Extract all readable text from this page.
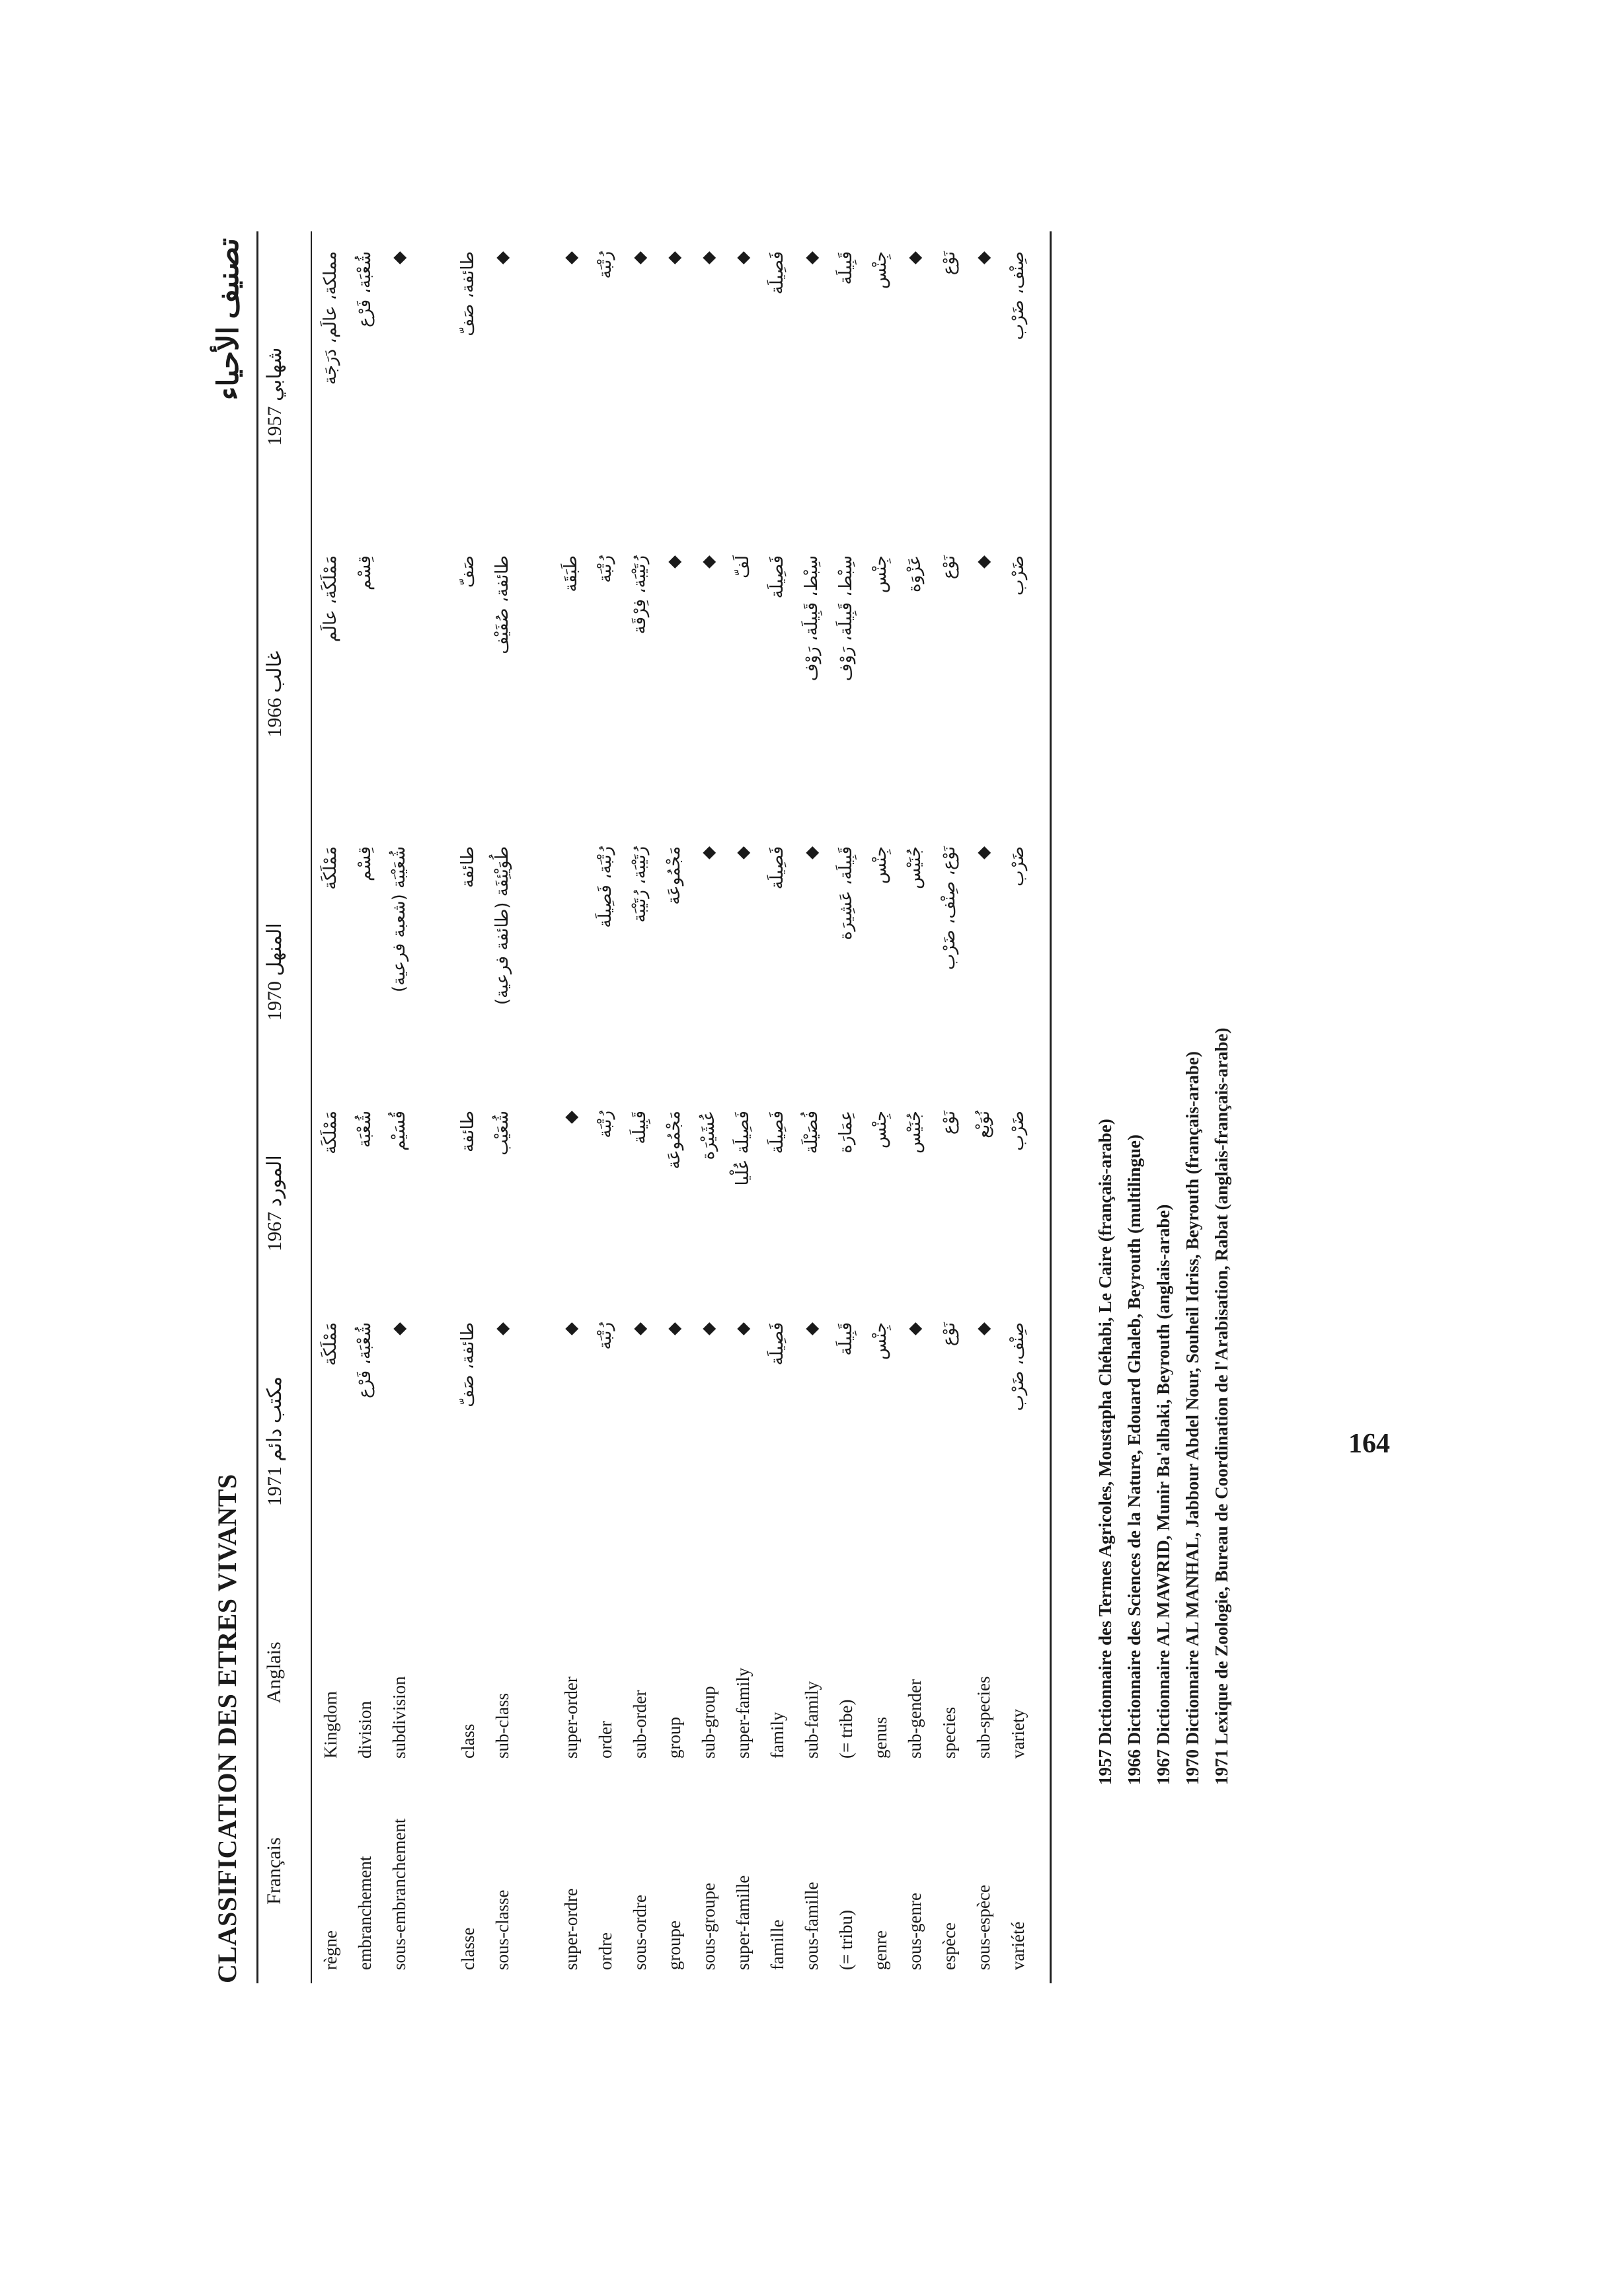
CLASSIFICATION DES ETRES VIVANTS
تصنيف الأحياء
Français
Anglais
1971 مكتب دائم
1967 المورد
1970 المنهل
1966 غالب
1957 شهابي
règne
Kingdom
مَمْلَكَة
مَمْلَكَة
مَمْلَكَة
مَمْلَكَة، عالَم
مملكة، عالَم، دَرَجَة
embranchement
division
شُعْبَة، فَرْع
شُعْبَة
قِسْم
قِسْم
شُعْبَة، فَرْع
sous-embranchement
subdivision
◆
قُسَيْم
شُعَيْبَة (شعبة فرعية)
◆
classe
class
طائفة، صَفّ
طائفة
طائفة
صَفّ
طائفة، صَفّ
sous-classe
sub-class
◆
شُعَيْب
طُوَيْئِفَة (طائفة فرعية)
طائفة، صُفَيْف
◆
super-ordre
super-order
◆
◆
طَبَقَة
◆
ordre
order
رُتْبَة
رُتْبَة
رُتْبَة، فَصِيلَة
رُتْبَة
رُتْبَة
sous-ordre
sub-order
◆
قَبِيلَة
رُتَيْبَة، رُتَيْبَة
رُتَيْبَة، فِرْقَة
◆
groupe
group
◆
مَجْمُوعَة
مَجْمُوعَة
◆
◆
sous-groupe
sub-group
◆
عُشَيْرَة
◆
◆
◆
super-famille
super-family
◆
فَصِيلَة عُلْيا
◆
لَفّ
◆
famille
family
فَصِيلَة
فَصِيلَة
فَصِيلَة
فَصِيلَة
فَصِيلَة
sous-famille
sub-family
◆
فُصَيْلَة
◆
سِبْط، قَبِيلَة، رَوْف
◆
(= tribu)
(= tribe)
قَبِيلَة
عِمَارَة
قَبِيلَة، عَشِيرَة
سِبْط، قَبِيلَة، رَوْف
قَبِيلَة
genre
genus
جِنْس
جِنْس
جِنْس
جِنْس
جِنْس
sous-genre
sub-gender
◆
جُنَيْس
جُنَيْس
عَزْوَة
◆
espèce
species
نَوْع
نَوْع
نَوْع، صِنْف، ضَرْب
نَوْع
نَوْع
sous-espèce
sub-species
◆
نُوَيْع
◆
◆
◆
variété
variety
صِنْف، ضَرْب
ضَرْب
ضَرْب
ضَرْب
صِنْف، ضَرْب
1957 Dictionnaire des Termes Agricoles, Moustapha Chéhabi, Le Caire (français-arabe) 1966 Dictionnaire des Sciences de la Nature, Edouard Ghaleb, Beyrouth (multilingue) 1967 Dictionnaire AL MAWRID, Munir Ba'albaki, Beyrouth (anglais-arabe) 1970 Dictionnaire AL MANHAL, Jabbour Abdel Nour, Souheil Idriss, Beyrouth (français-arabe) 1971 Lexique de Zoologie, Bureau de Coordination de l'Arabisation, Rabat (anglais-français-arabe)	164
